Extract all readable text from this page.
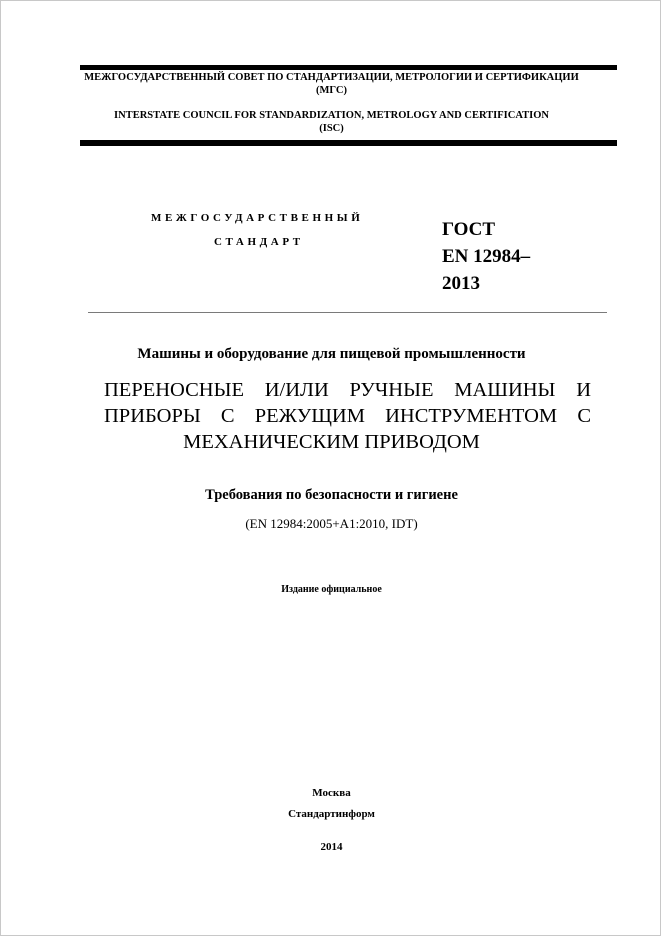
МЕЖГОСУДАРСТВЕННЫЙ СОВЕТ ПО СТАНДАРТИЗАЦИИ, МЕТРОЛОГИИ И СЕРТИФИКАЦИИ
(МГС)
INTERSTATE COUNCIL FOR STANDARDIZATION, METROLOGY AND CERTIFICATION
(ISC)
МЕЖГОСУДАРСТВЕННЫЙ
СТАНДАРТ
ГОСТ
EN 12984–
2013
Машины и оборудование для пищевой промышленности
ПЕРЕНОСНЫЕ И/ИЛИ РУЧНЫЕ МАШИНЫ И
ПРИБОРЫ С РЕЖУЩИМ ИНСТРУМЕНТОМ С
МЕХАНИЧЕСКИМ ПРИВОДОМ
Требования по безопасности и гигиене
(EN 12984:2005+A1:2010, IDT)
Издание официальное
Москва
Стандартинформ
2014
